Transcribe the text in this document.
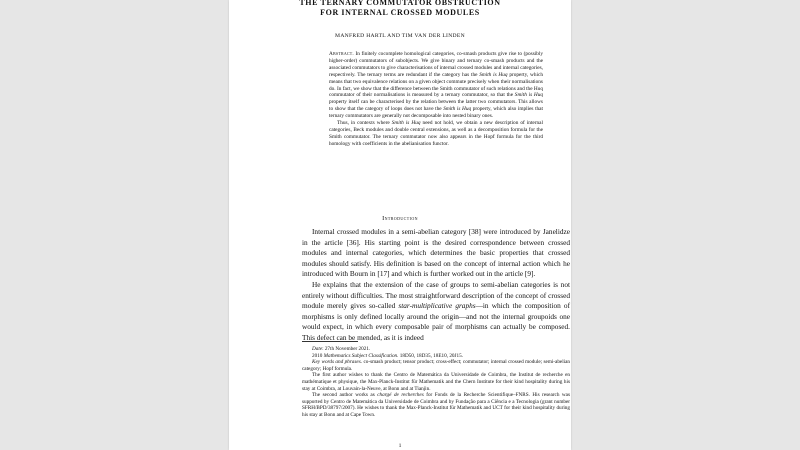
THE TERNARY COMMUTATOR OBSTRUCTION
FOR INTERNAL CROSSED MODULES
MANFRED HARTL AND TIM VAN DER LINDEN

Abstract. In finitely cocomplete homological categories, co-smash products give rise to (possibly higher-order) commutators of subobjects. We give binary and ternary co-smash products and the associated commutators to give characterisations of internal crossed modules and internal categories, respectively. The ternary terms are redundant if the category has the Smith is Huq property, which means that two equivalence relations on a given object commute precisely when their normalisations do. In fact, we show that the difference between the Smith commutator of such relations and the Huq commutator of their normalisations is measured by a ternary commutator, so that the Smith is Huq property itself can be characterised by the relation between the latter two commutators. This allows to show that the category of loops does not have the Smith is Huq property, which also implies that ternary commutators are generally not decomposable into nested binary ones.

Thus, in contexts where Smith is Huq need not hold, we obtain a new description of internal categories, Beck modules and double central extensions, as well as a decomposition formula for the Smith commutator. The ternary commutator now also appears in the Hopf formula for the third homology with coefficients in the abelianisation functor.

Introduction

Internal crossed modules in a semi-abelian category [38] were introduced by Janelidze in the article [36]. His starting point is the desired correspondence between crossed modules and internal categories, which determines the basic properties that crossed modules should satisfy. His definition is based on the concept of internal action which he introduced with Bourn in [17] and which is further worked out in the article [9].

He explains that the extension of the case of groups to semi-abelian categories is not entirely without difficulties. The most straightforward description of the concept of crossed module merely gives so-called star-multiplicative graphs—in which the composition of morphisms is only defined locally around the origin—and not the internal groupoids one would expect, in which every composable pair of morphisms can actually be composed. This defect can be mended, as it is indeed

Date: 27th November 2021.

2010 Mathematics Subject Classification. 18D50, 18D35, 18E10, 20J15.

Key words and phrases. co-smash product; tensor product; cross-effect; commutator; internal crossed module; semi-abelian category; Hopf formula.

The first author wishes to thank the Centro de Matemática da Universidade de Coimbra, the Institut de recherche en mathématique et physique, the Max-Planck-Institut für Mathematik and the Chern Institute for their kind hospitality during his stay at Coimbra, at Louvain-la-Neuve, at Bonn and at Tianjin.

The second author works as chargé de recherches for Fonds de la Recherche Scientifique–FNRS. His research was supported by Centro de Matemática da Universidade de Coimbra and by Fundação para a Ciência e a Tecnologia (grant number SFRH/BPD/38797/2007). He wishes to thank the Max-Planck-Institut für Mathematik and UCT for their kind hospitality during his stay at Bonn and at Cape Town.

1
